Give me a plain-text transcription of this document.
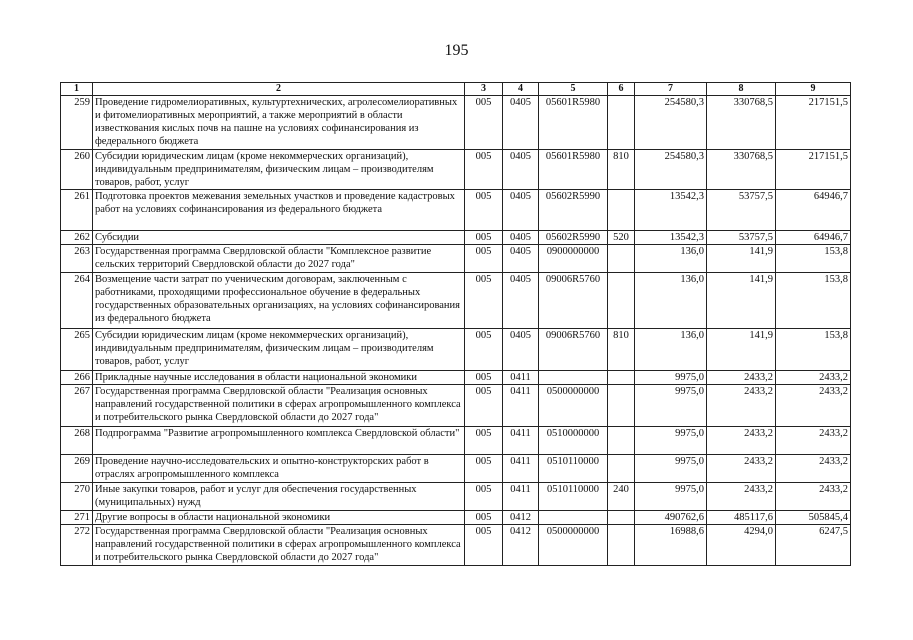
195
1	2	3	4	5	6	7	8	9
259	Проведение гидромелиоративных, культуртехнических, агролесомелиоративных и фитомелиоративных мероприятий, а также мероприятий в области известкования кислых почв на пашне на условиях софинансирования из федерального бюджета	005	0405	05601R5980		254580,3	330768,5	217151,5
260	Субсидии юридическим лицам (кроме некоммерческих организаций), индивидуальным предпринимателям, физическим лицам – производителям товаров, работ, услуг	005	0405	05601R5980	810	254580,3	330768,5	217151,5
261	Подготовка проектов межевания земельных участков и проведение кадастровых работ на условиях софинансирования из федерального бюджета	005	0405	05602R5990		13542,3	53757,5	64946,7
262	Субсидии	005	0405	05602R5990	520	13542,3	53757,5	64946,7
263	Государственная программа Свердловской области "Комплексное развитие сельских территорий Свердловской области до 2027 года"	005	0405	0900000000		136,0	141,9	153,8
264	Возмещение части затрат по ученическим договорам, заключенным с работниками, проходящими профессиональное обучение в федеральных государственных образовательных организациях, на условиях софинансирования из федерального бюджета	005	0405	09006R5760		136,0	141,9	153,8
265	Субсидии юридическим лицам (кроме некоммерческих организаций), индивидуальным предпринимателям, физическим лицам – производителям товаров, работ, услуг	005	0405	09006R5760	810	136,0	141,9	153,8
266	Прикладные научные исследования в области национальной экономики	005	0411			9975,0	2433,2	2433,2
267	Государственная программа Свердловской области "Реализация основных направлений государственной политики в сферах агропромышленного комплекса и потребительского рынка Свердловской области до 2027 года"	005	0411	0500000000		9975,0	2433,2	2433,2
268	Подпрограмма "Развитие агропромышленного комплекса Свердловской области"	005	0411	0510000000		9975,0	2433,2	2433,2
269	Проведение научно-исследовательских и опытно-конструкторских работ в отраслях агропромышленного комплекса	005	0411	0510110000		9975,0	2433,2	2433,2
270	Иные закупки товаров, работ и услуг для обеспечения государственных (муниципальных) нужд	005	0411	0510110000	240	9975,0	2433,2	2433,2
271	Другие вопросы в области национальной экономики	005	0412			490762,6	485117,6	505845,4
272	Государственная программа Свердловской области "Реализация основных направлений государственной политики в сферах агропромышленного комплекса и потребительского рынка Свердловской области до 2027 года"	005	0412	0500000000		16988,6	4294,0	6247,5
